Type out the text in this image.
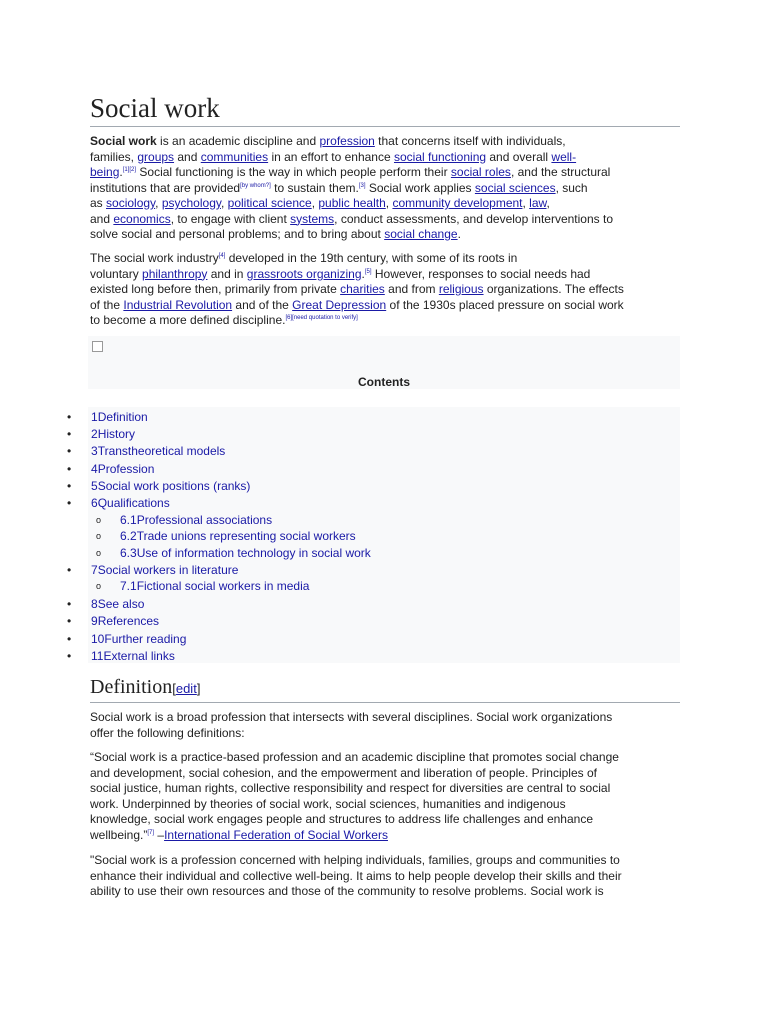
Social work
Social work is an academic discipline and profession that concerns itself with individuals,
families, groups and communities in an effort to enhance social functioning and overall well-
being.[1][2] Social functioning is the way in which people perform their social roles, and the structural
institutions that are provided[by whom?] to sustain them.[3] Social work applies social sciences, such
as sociology, psychology, political science, public health, community development, law,
and economics, to engage with client systems, conduct assessments, and develop interventions to
solve social and personal problems; and to bring about social change.
The social work industry[4] developed in the 19th century, with some of its roots in
voluntary philanthropy and in grassroots organizing.[5] However, responses to social needs had
existed long before then, primarily from private charities and from religious organizations. The effects
of the Industrial Revolution and of the Great Depression of the 1930s placed pressure on social work
to become a more defined discipline.[6][need quotation to verify]
Contents
• 1Definition
• 2History
• 3Transtheoretical models
• 4Profession
• 5Social work positions (ranks)
• 6Qualifications
o 6.1Professional associations
o 6.2Trade unions representing social workers
o 6.3Use of information technology in social work
• 7Social workers in literature
o 7.1Fictional social workers in media
• 8See also
• 9References
• 10Further reading
• 11External links
Definition[edit]
Social work is a broad profession that intersects with several disciplines. Social work organizations
offer the following definitions:
“Social work is a practice-based profession and an academic discipline that promotes social change
and development, social cohesion, and the empowerment and liberation of people. Principles of
social justice, human rights, collective responsibility and respect for diversities are central to social
work. Underpinned by theories of social work, social sciences, humanities and indigenous
knowledge, social work engages people and structures to address life challenges and enhance
wellbeing.”[7] –International Federation of Social Workers
"Social work is a profession concerned with helping individuals, families, groups and communities to
enhance their individual and collective well-being. It aims to help people develop their skills and their
ability to use their own resources and those of the community to resolve problems. Social work is
